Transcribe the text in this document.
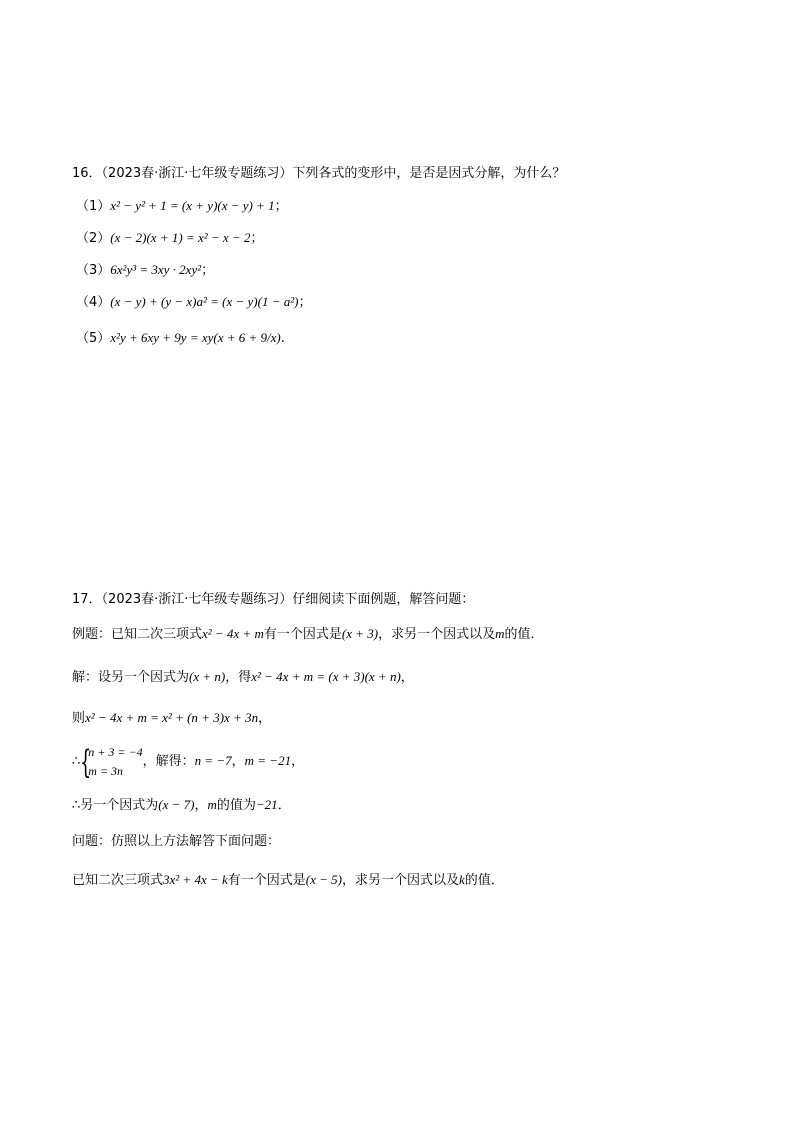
16．（2023春·浙江·七年级专题练习）下列各式的变形中，是否是因式分解，为什么？
（1）x² − y² + 1 = (x + y)(x − y) + 1；
（2）(x − 2)(x + 1) = x² − x − 2；
（3）6x²y³ = 3xy · 2xy²；
（4）(x − y) + (y − x)a² = (x − y)(1 − a²)；
（5）x²y + 6xy + 9y = xy(x + 6 + 9/x).
17．（2023春·浙江·七年级专题练习）仔细阅读下面例题，解答问题：
例题：已知二次三项式x² − 4x + m有一个因式是(x + 3)，求另一个因式以及m的值．
解：设另一个因式为(x + n)，得x² − 4x + m = (x + 3)(x + n)，
则x² − 4x + m = x² + (n + 3)x + 3n，
∴ {
n + 3 = −4
m = 3n
，解得：n = −7，m = −21，
∴另一个因式为(x − 7)，m的值为−21．
问题：仿照以上方法解答下面问题：
已知二次三项式3x² + 4x − k有一个因式是(x − 5)，求另一个因式以及k的值．
